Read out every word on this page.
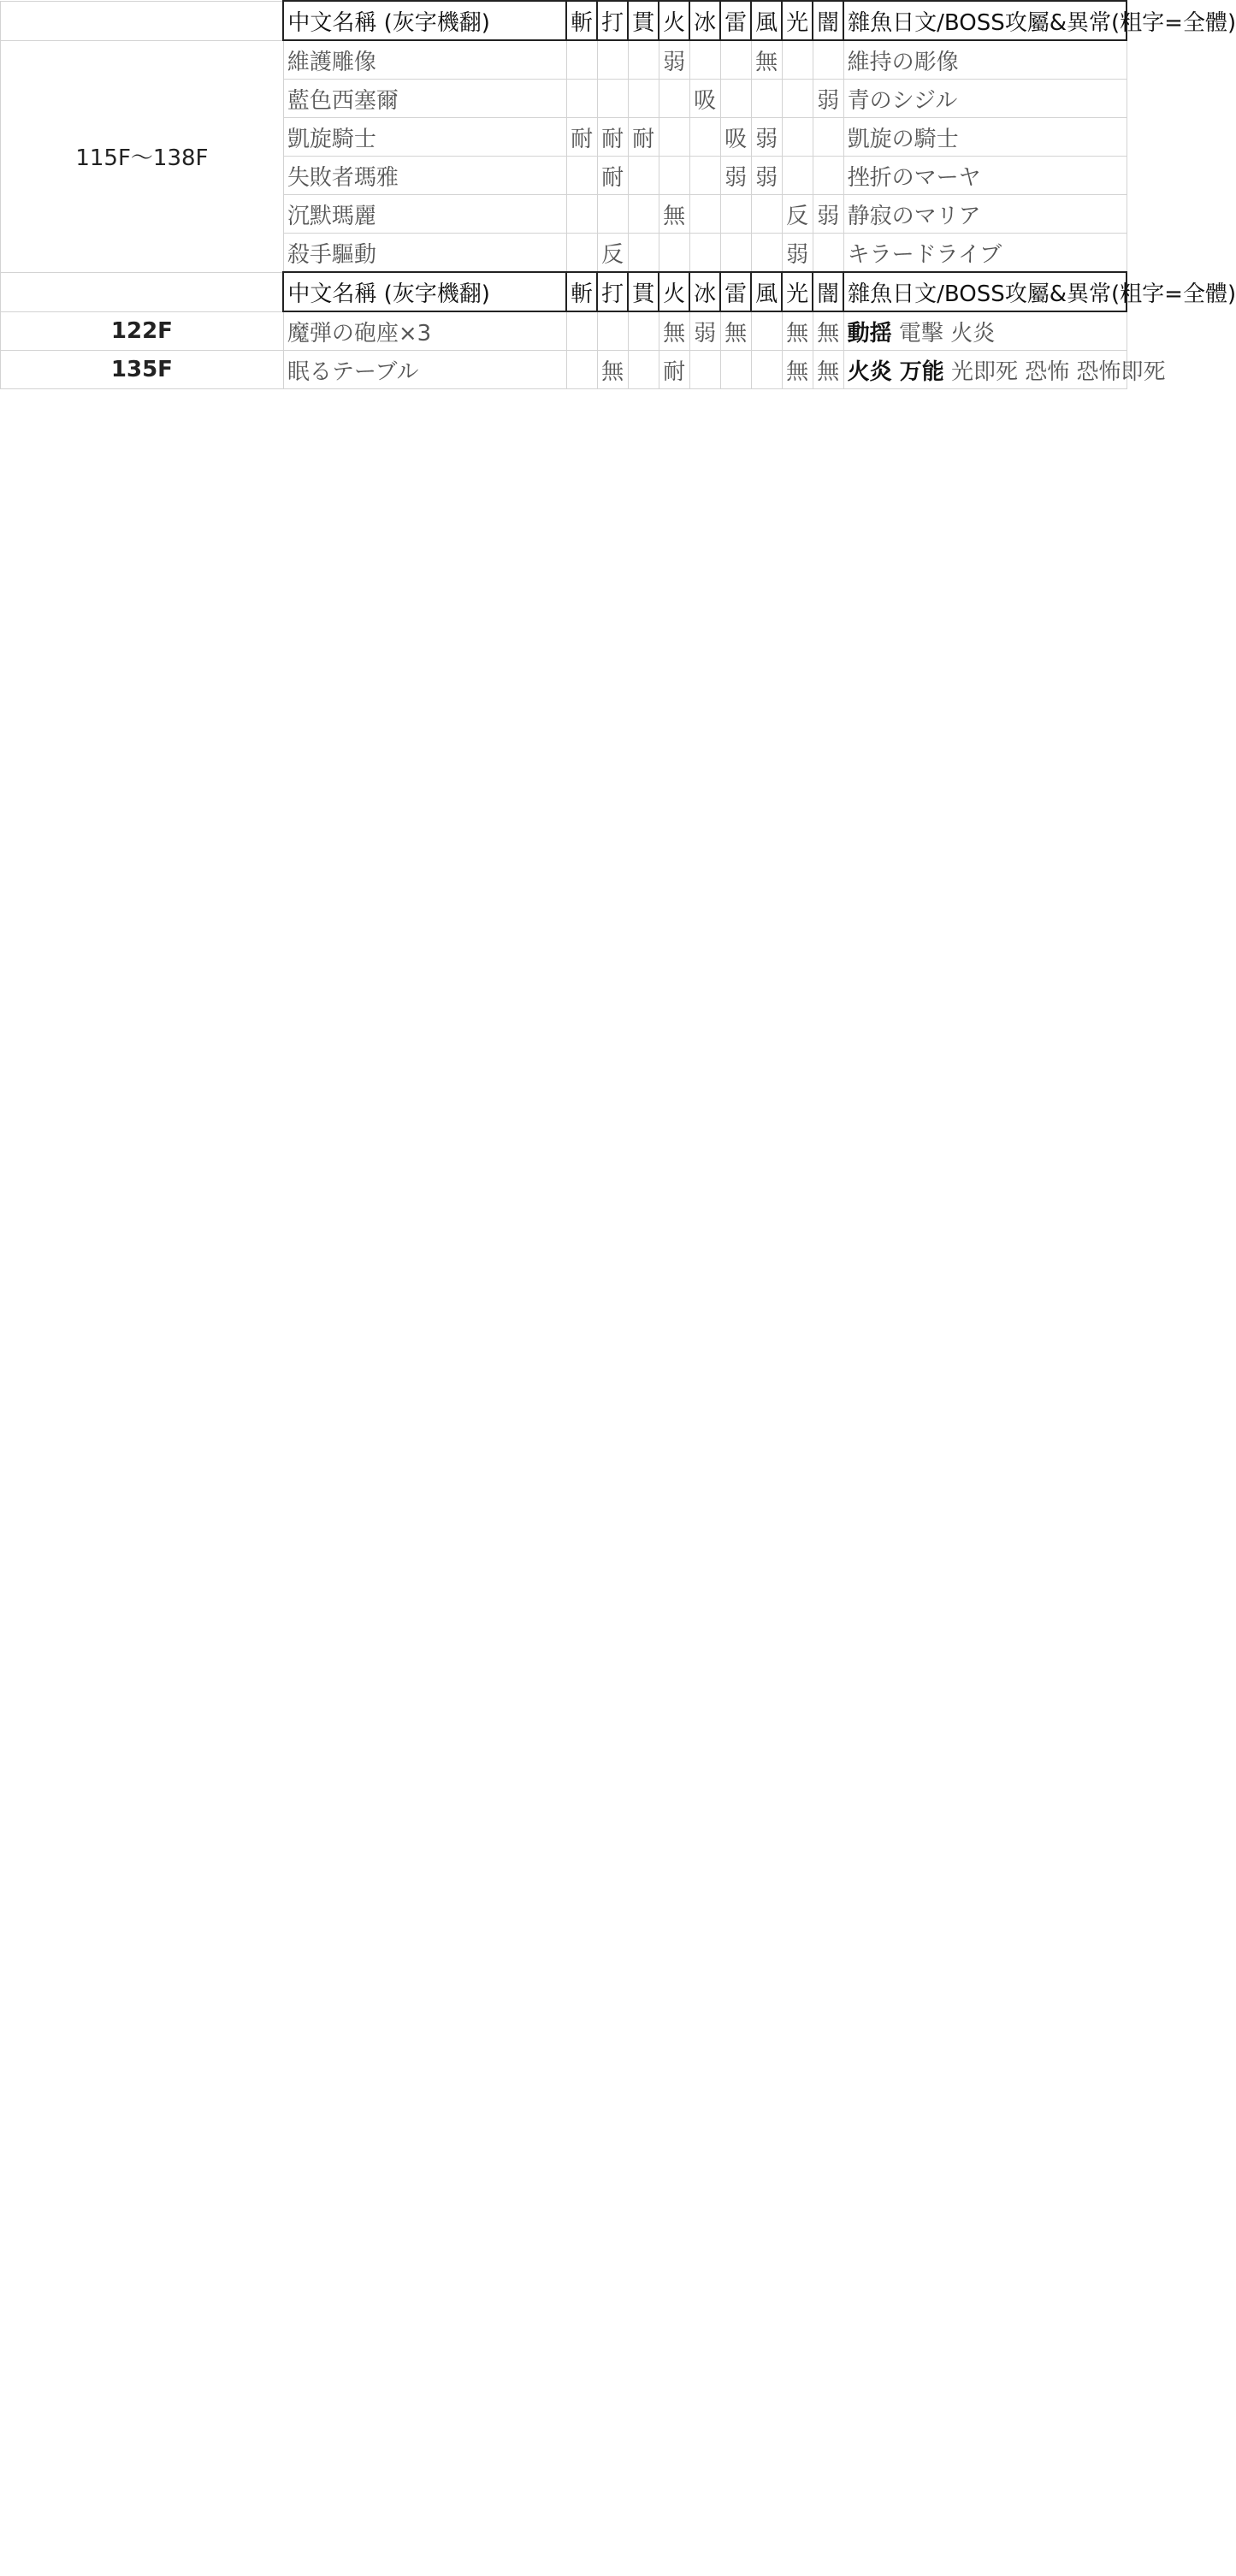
	中文名稱 (灰字機翻)	斬	打	貫	火	冰	雷	風	光	闇	雜魚日文/BOSS攻屬&異常(粗字=全體)
115F～138F	維護雕像				弱			無			維持の彫像
	藍色西塞爾					吸				弱	青のシジル
	凱旋騎士	耐	耐	耐			吸	弱			凱旋の騎士
	失敗者瑪雅		耐				弱	弱			挫折のマーヤ
	沉默瑪麗				無				反	弱	静寂のマリア
	殺手驅動		反						弱		キラードライブ
	中文名稱 (灰字機翻)	斬	打	貫	火	冰	雷	風	光	闇	雜魚日文/BOSS攻屬&異常(粗字=全體)
122F	魔弾の砲座×3				無	弱	無		無	無	動揺 電擊 火炎
135F	眠るテーブル		無		耐				無	無	火炎 万能 光即死 恐怖 恐怖即死
